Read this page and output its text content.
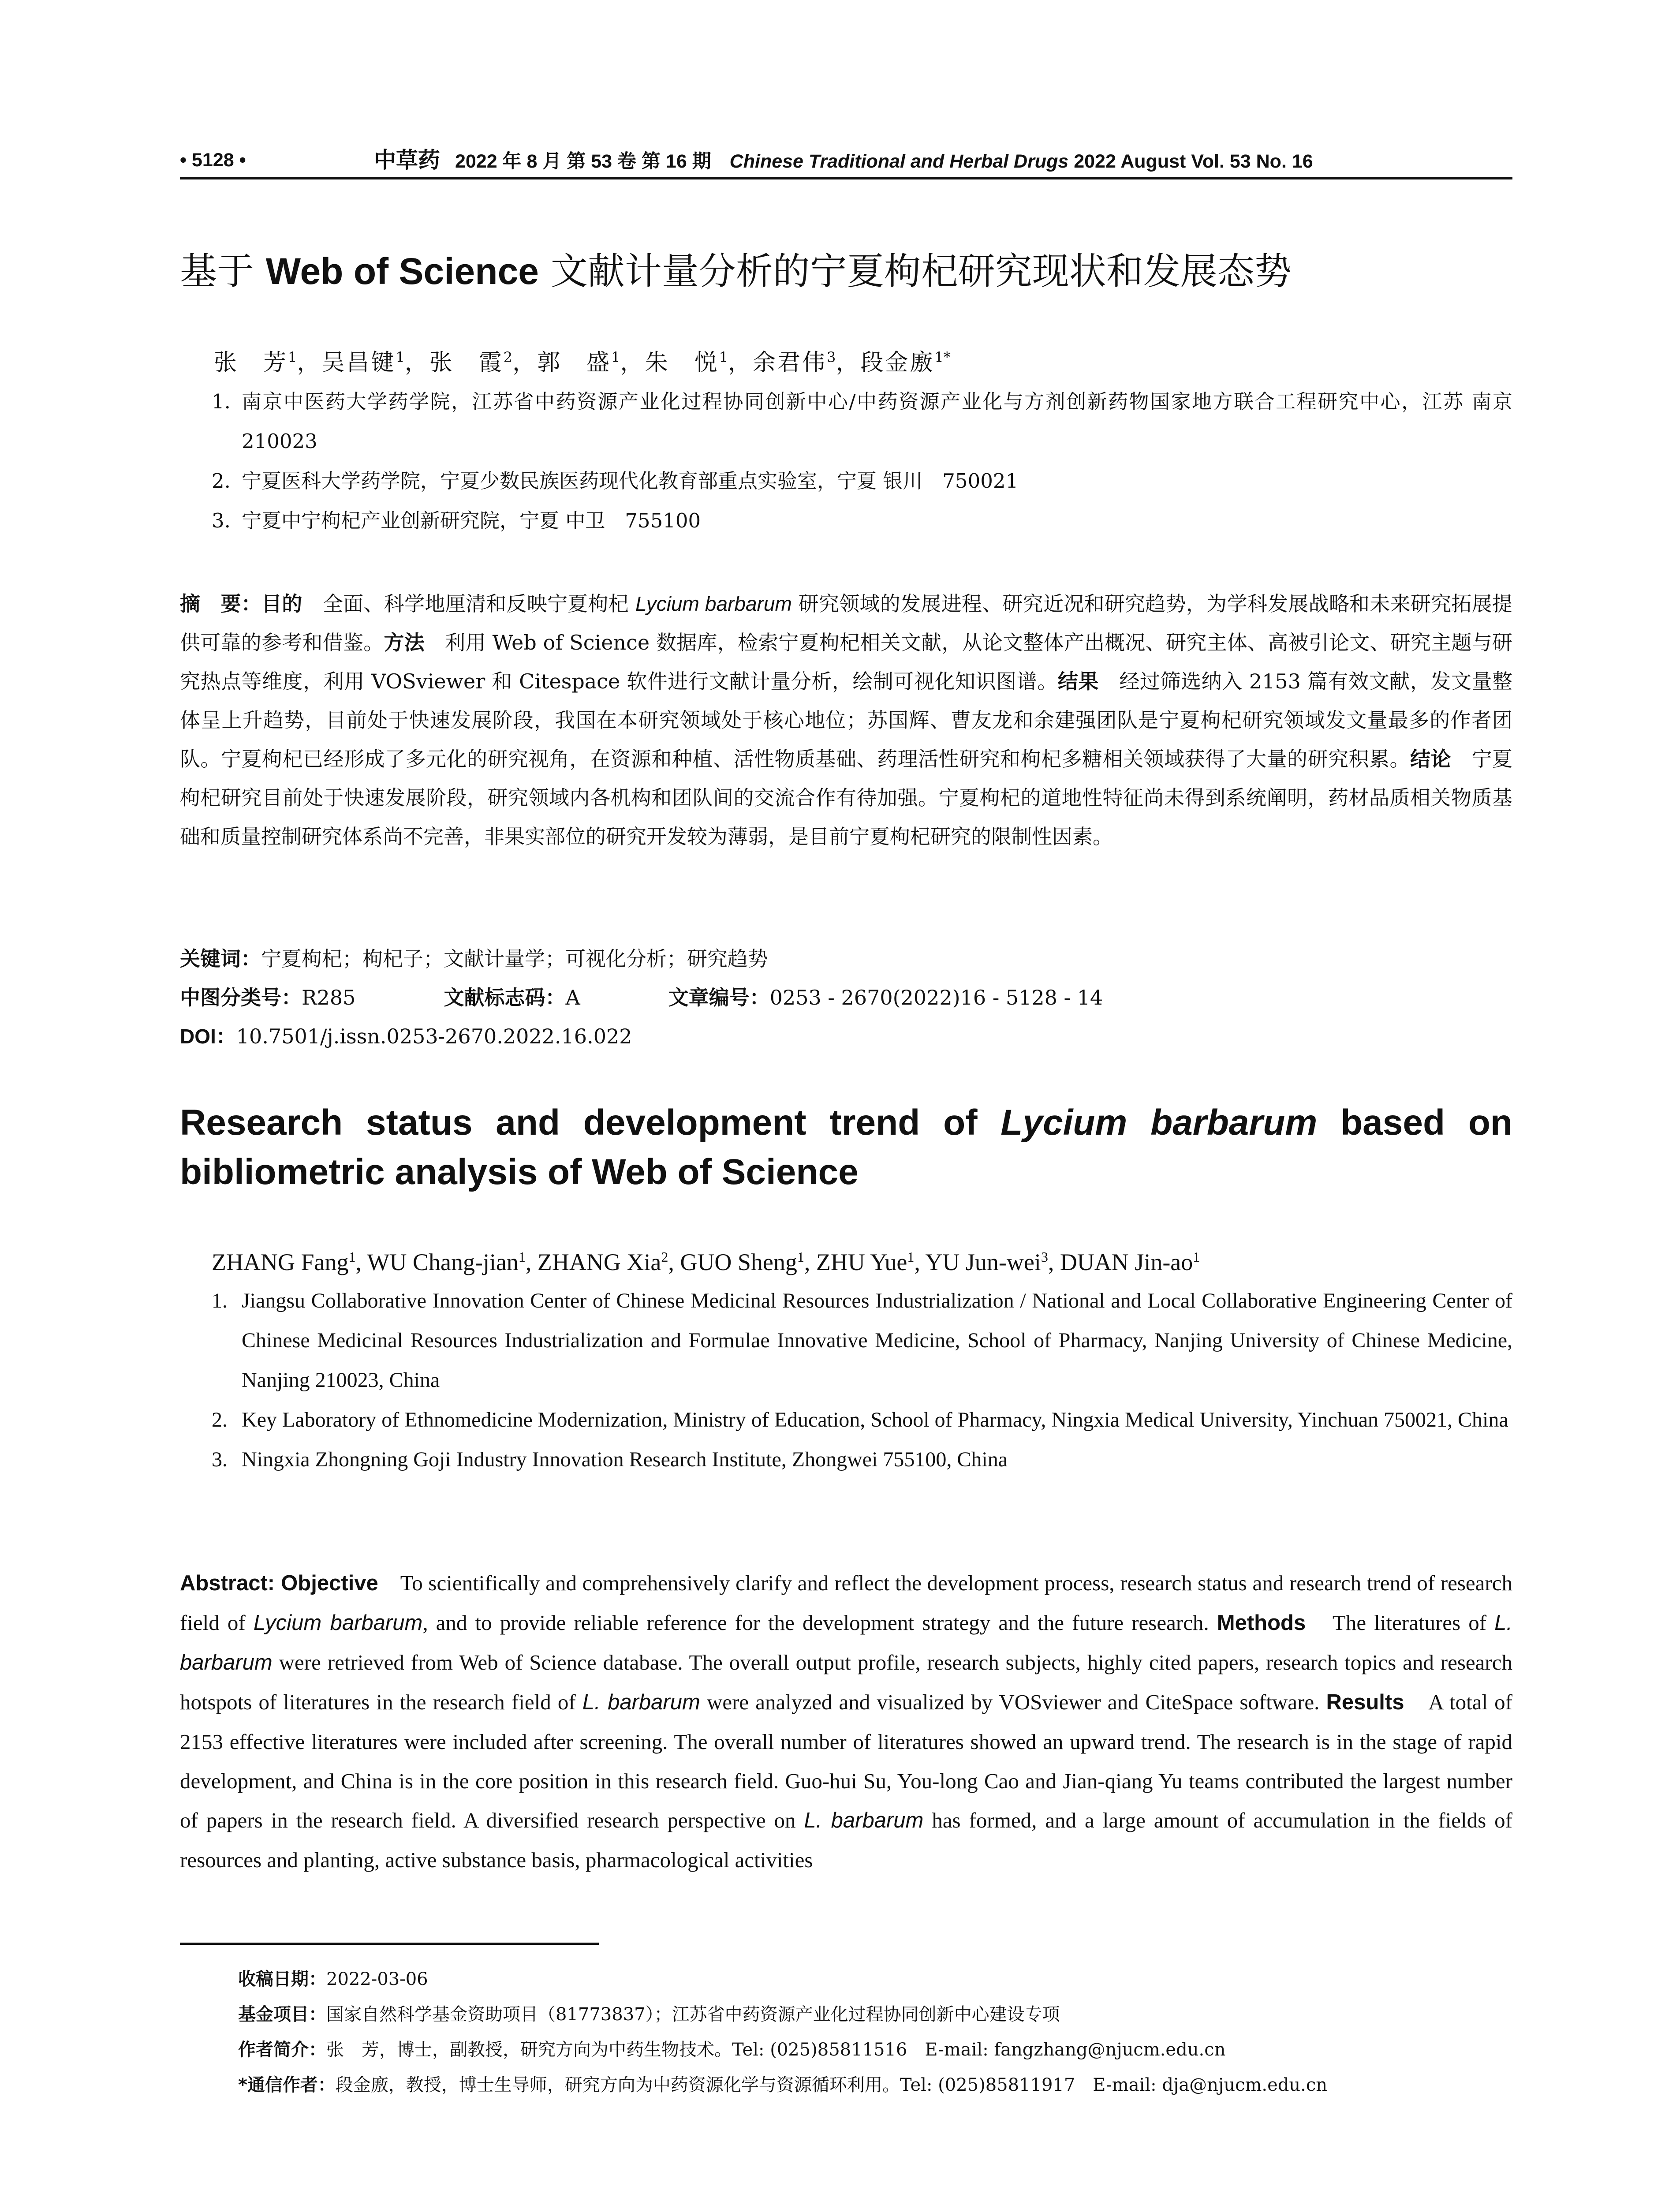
• 5128 •	中草药 2022 年 8 月 第 53 卷 第 16 期 Chinese Traditional and Herbal Drugs 2022 August Vol. 53 No. 16
基于 Web of Science 文献计量分析的宁夏枸杞研究现状和发展态势
张　芳$^1$，吴昌键$^1$，张　霞$^2$，郭　盛$^1$，朱　悦$^1$，余君伟$^3$，段金廒$^{1*}$
1. 南京中医药大学药学院，江苏省中药资源产业化过程协同创新中心/中药资源产业化与方剂创新药物国家地方联合工程研究中心，江苏 南京　210023
2. 宁夏医科大学药学院，宁夏少数民族医药现代化教育部重点实验室，宁夏 银川　750021
3. 宁夏中宁枸杞产业创新研究院，宁夏 中卫　755100
摘　要：目的　全面、科学地厘清和反映宁夏枸杞 Lycium barbarum 研究领域的发展进程、研究近况和研究趋势，为学科发展战略和未来研究拓展提供可靠的参考和借鉴。方法　利用 Web of Science 数据库，检索宁夏枸杞相关文献，从论文整体产出概况、研究主体、高被引论文、研究主题与研究热点等维度，利用 VOSviewer 和 Citespace 软件进行文献计量分析，绘制可视化知识图谱。结果　经过筛选纳入 2153 篇有效文献，发文量整体呈上升趋势，目前处于快速发展阶段，我国在本研究领域处于核心地位；苏国辉、曹友龙和余建强团队是宁夏枸杞研究领域发文量最多的作者团队。宁夏枸杞已经形成了多元化的研究视角，在资源和种植、活性物质基础、药理活性研究和枸杞多糖相关领域获得了大量的研究积累。结论　宁夏枸杞研究目前处于快速发展阶段，研究领域内各机构和团队间的交流合作有待加强。宁夏枸杞的道地性特征尚未得到系统阐明，药材品质相关物质基础和质量控制研究体系尚不完善，非果实部位的研究开发较为薄弱，是目前宁夏枸杞研究的限制性因素。
关键词：宁夏枸杞；枸杞子；文献计量学；可视化分析；研究趋势
中图分类号：R285	文献标志码：A	文章编号：0253 - 2670(2022)16 - 5128 - 14
DOI：10.7501/j.issn.0253-2670.2022.16.022
Research status and development trend of Lycium barbarum based on
bibliometric analysis of Web of Science
ZHANG Fang$^1$, WU Chang-jian$^1$, ZHANG Xia$^2$, GUO Sheng$^1$, ZHU Yue$^1$, YU Jun-wei$^3$, DUAN Jin-$ao^1$
1. Jiangsu Collaborative Innovation Center of Chinese Medicinal Resources Industrialization / National and Local Collaborative Engineering Center of Chinese Medicinal Resources Industrialization and Formulae Innovative Medicine, School of Pharmacy, Nanjing University of Chinese Medicine, Nanjing 210023, China
2. Key Laboratory of Ethnomedicine Modernization, Ministry of Education, School of Pharmacy, Ningxia Medical University, Yinchuan 750021, China
3. Ningxia Zhongning Goji Industry Innovation Research Institute, Zhongwei 755100, China
Abstract: Objective　To scientifically and comprehensively clarify and reflect the development process, research status and research trend of research field of Lycium barbarum, and to provide reliable reference for the development strategy and the future research. Methods　The literatures of L. barbarum were retrieved from Web of Science database. The overall output profile, research subjects, highly cited papers, research topics and research hotspots of literatures in the research field of L. barbarum were analyzed and visualized by VOSviewer and CiteSpace software. Results　A total of 2153 effective literatures were included after screening. The overall number of literatures showed an upward trend. The research is in the stage of rapid development, and China is in the core position in this research field. Guo-hui Su, You-long Cao and Jian-qiang Yu teams contributed the largest number of papers in the research field. A diversified research perspective on L. barbarum has formed, and a large amount of accumulation in the fields of resources and planting, active substance basis, pharmacological activities
收稿日期：2022-03-06
基金项目：国家自然科学基金资助项目（81773837）；江苏省中药资源产业化过程协同创新中心建设专项
作者简介：张　芳，博士，副教授，研究方向为中药生物技术。Tel: (025)85811516　E-mail: fangzhang@njucm.edu.cn
*通信作者：段金廒，教授，博士生导师，研究方向为中药资源化学与资源循环利用。Tel: (025)85811917　E-mail: dja@njucm.edu.cn
